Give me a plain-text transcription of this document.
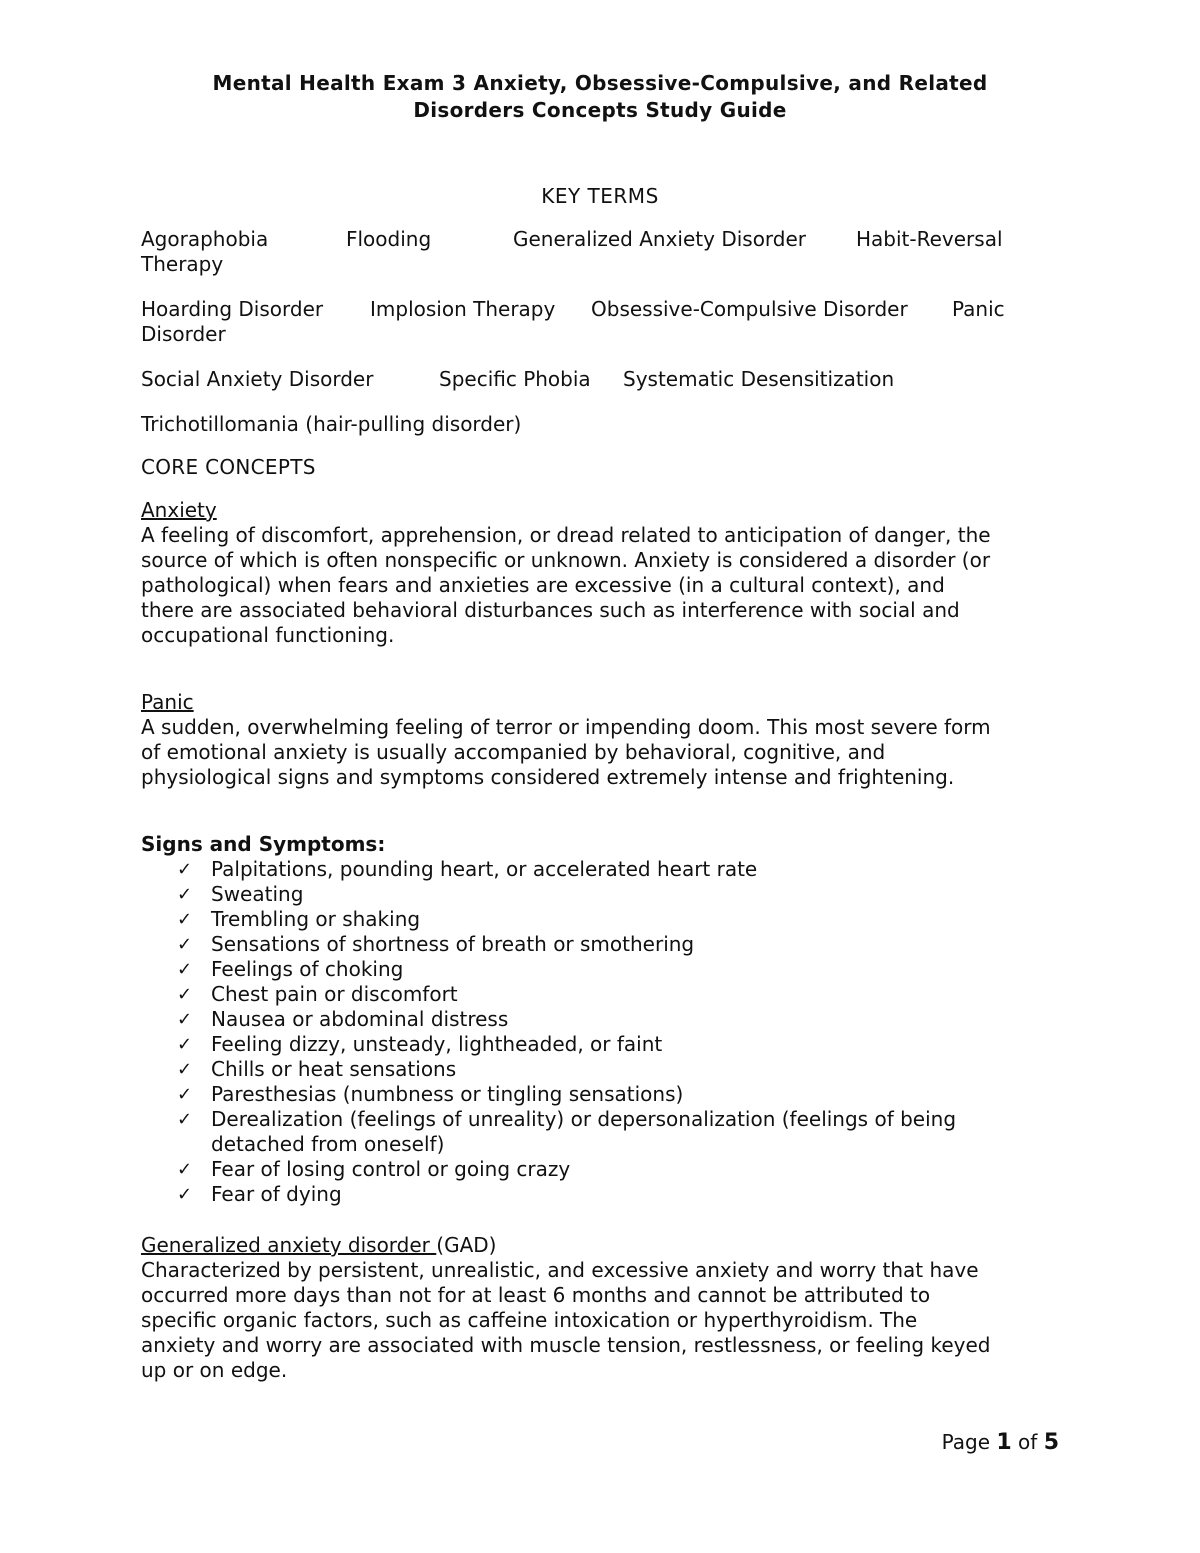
Mental Health Exam 3 Anxiety, Obsessive-Compulsive, and Related
Disorders Concepts Study Guide
KEY TERMS
Agoraphobia	Flooding	Generalized Anxiety Disorder Habit-Reversal
Therapy
Hoarding Disorder Implosion Therapy Obsessive-Compulsive Disorder Panic
Disorder
Social Anxiety Disorder	Specific Phobia Systematic Desensitization
Trichotillomania (hair-pulling disorder)
CORE CONCEPTS
Anxiety
A feeling of discomfort, apprehension, or dread related to anticipation of danger, the
source of which is often nonspecific or unknown. Anxiety is considered a disorder (or
pathological) when fears and anxieties are excessive (in a cultural context), and
there are associated behavioral disturbances such as interference with social and
occupational functioning.
Panic
A sudden, overwhelming feeling of terror or impending doom. This most severe form
of emotional anxiety is usually accompanied by behavioral, cognitive, and
physiological signs and symptoms considered extremely intense and frightening.
Signs and Symptoms:
✓ Palpitations, pounding heart, or accelerated heart rate
✓ Sweating
✓ Trembling or shaking
✓ Sensations of shortness of breath or smothering
✓ Feelings of choking
✓ Chest pain or discomfort
✓ Nausea or abdominal distress
✓ Feeling dizzy, unsteady, lightheaded, or faint
✓ Chills or heat sensations
✓ Paresthesias (numbness or tingling sensations)
✓ Derealization (feelings of unreality) or depersonalization (feelings of being
detached from oneself)
✓ Fear of losing control or going crazy
✓ Fear of dying
Generalized anxiety disorder (GAD)
Characterized by persistent, unrealistic, and excessive anxiety and worry that have
occurred more days than not for at least 6 months and cannot be attributed to
specific organic factors, such as caffeine intoxication or hyperthyroidism. The
anxiety and worry are associated with muscle tension, restlessness, or feeling keyed
up or on edge.
Page 1 of 5
